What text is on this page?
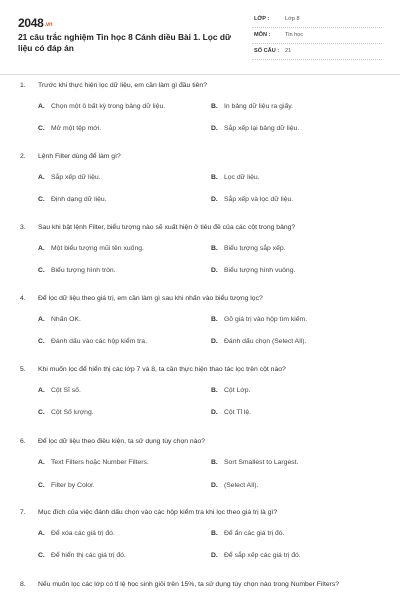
2048.vn
21 câu trắc nghiệm Tin học 8 Cánh diều Bài 1. Lọc dữ liệu có đáp án
LỚP :	Lớp 8
MÔN :	Tin học
SỐ CÂU : 21
1. Trước khi thực hiện lọc dữ liệu, em cần làm gì đầu tiên?
A. Chọn một ô bất kỳ trong bảng dữ liệu.	B. In bảng dữ liệu ra giấy.
C. Mở một tệp mới.	D. Sắp xếp lại bảng dữ liệu.
2. Lệnh Filter dùng để làm gì?
A. Sắp xếp dữ liệu.	B. Lọc dữ liệu.
C. Định dạng dữ liệu.	D. Sắp xếp và lọc dữ liệu.
3. Sau khi bật lệnh Filter, biểu tượng nào sẽ xuất hiện ở tiêu đề của các cột trong bảng?
A. Một biểu tượng mũi tên xuống.	B. Biểu tượng sắp xếp.
C. Biểu tượng hình tròn.	D. Biểu tượng hình vuông.
4. Để lọc dữ liệu theo giá trị, em cần làm gì sau khi nhấn vào biểu tượng lọc?
A. Nhấn OK.	B. Gõ giá trị vào hộp tìm kiếm.
C. Đánh dấu vào các hộp kiểm tra.	D. Đánh dấu chọn (Select All).
5. Khi muốn lọc để hiển thị các lớp 7 và 8, ta cần thực hiện thao tác lọc trên cột nào?
A. Cột Sĩ số.	B. Cột Lớp.
C. Cột Số lượng.	D. Cột Tỉ lệ.
6. Để lọc dữ liệu theo điều kiện, ta sử dụng tùy chọn nào?
A. Text Filters hoặc Number Filters.	B. Sort Smallest to Largest.
C. Filter by Color.	D. (Select All).
7. Mục đích của việc đánh dấu chọn vào các hộp kiểm tra khi lọc theo giá trị là gì?
A. Để xóa các giá trị đó.	B. Để ẩn các giá trị đó.
C. Để hiển thị các giá trị đó.	D. Để sắp xếp các giá trị đó.
8. Nếu muốn lọc các lớp có tỉ lệ học sinh giỏi trên 15%, ta sử dụng tùy chọn nào trong Number Filters?
